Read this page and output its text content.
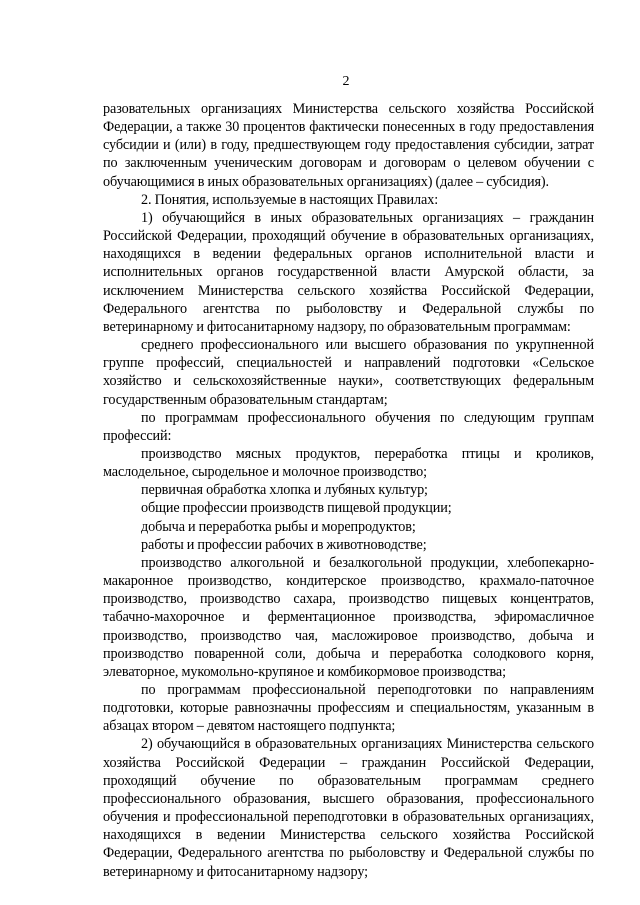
2

разовательных организациях Министерства сельского хозяйства Российской Федерации, а также 30 процентов фактически понесенных в году предоставления субсидии и (или) в году, предшествующем году предоставления субсидии, затрат по заключенным ученическим договорам и договорам о целевом обучении с обучающимися в иных образовательных организациях) (далее – субсидия).

2. Понятия, используемые в настоящих Правилах:

1) обучающийся в иных образовательных организациях – гражданин Российской Федерации, проходящий обучение в образовательных организациях, находящихся в ведении федеральных органов исполнительной власти и исполнительных органов государственной власти Амурской области, за исключением Министерства сельского хозяйства Российской Федерации, Федерального агентства по рыболовству и Федеральной службы по ветеринарному и фитосанитарному надзору, по образовательным программам:

среднего профессионального или высшего образования по укрупненной группе профессий, специальностей и направлений подготовки «Сельское хозяйство и сельскохозяйственные науки», соответствующих федеральным государственным образовательным стандартам;

по программам профессионального обучения по следующим группам профессий:

производство мясных продуктов, переработка птицы и кроликов, маслодельное, сыродельное и молочное производство;

первичная обработка хлопка и лубяных культур;

общие профессии производств пищевой продукции;

добыча и переработка рыбы и морепродуктов;

работы и профессии рабочих в животноводстве;

производство алкогольной и безалкогольной продукции, хлебопекарно-макаронное производство, кондитерское производство, крахмало-паточное производство, производство сахара, производство пищевых концентратов, табачно-махорочное и ферментационное производства, эфиромасличное производство, производство чая, масложировое производство, добыча и производство поваренной соли, добыча и переработка солодкового корня, элеваторное, мукомольно-крупяное и комбикормовое производства;

по программам профессиональной переподготовки по направлениям подготовки, которые равнозначны профессиям и специальностям, указанным в абзацах втором – девятом настоящего подпункта;

2) обучающийся в образовательных организациях Министерства сельского хозяйства Российской Федерации – гражданин Российской Федерации, проходящий обучение по образовательным программам среднего профессионального образования, высшего образования, профессионального обучения и профессиональной переподготовки в образовательных организациях, находящихся в ведении Министерства сельского хозяйства Российской Федерации, Федерального агентства по рыболовству и Федеральной службы по ветеринарному и фитосанитарному надзору;
